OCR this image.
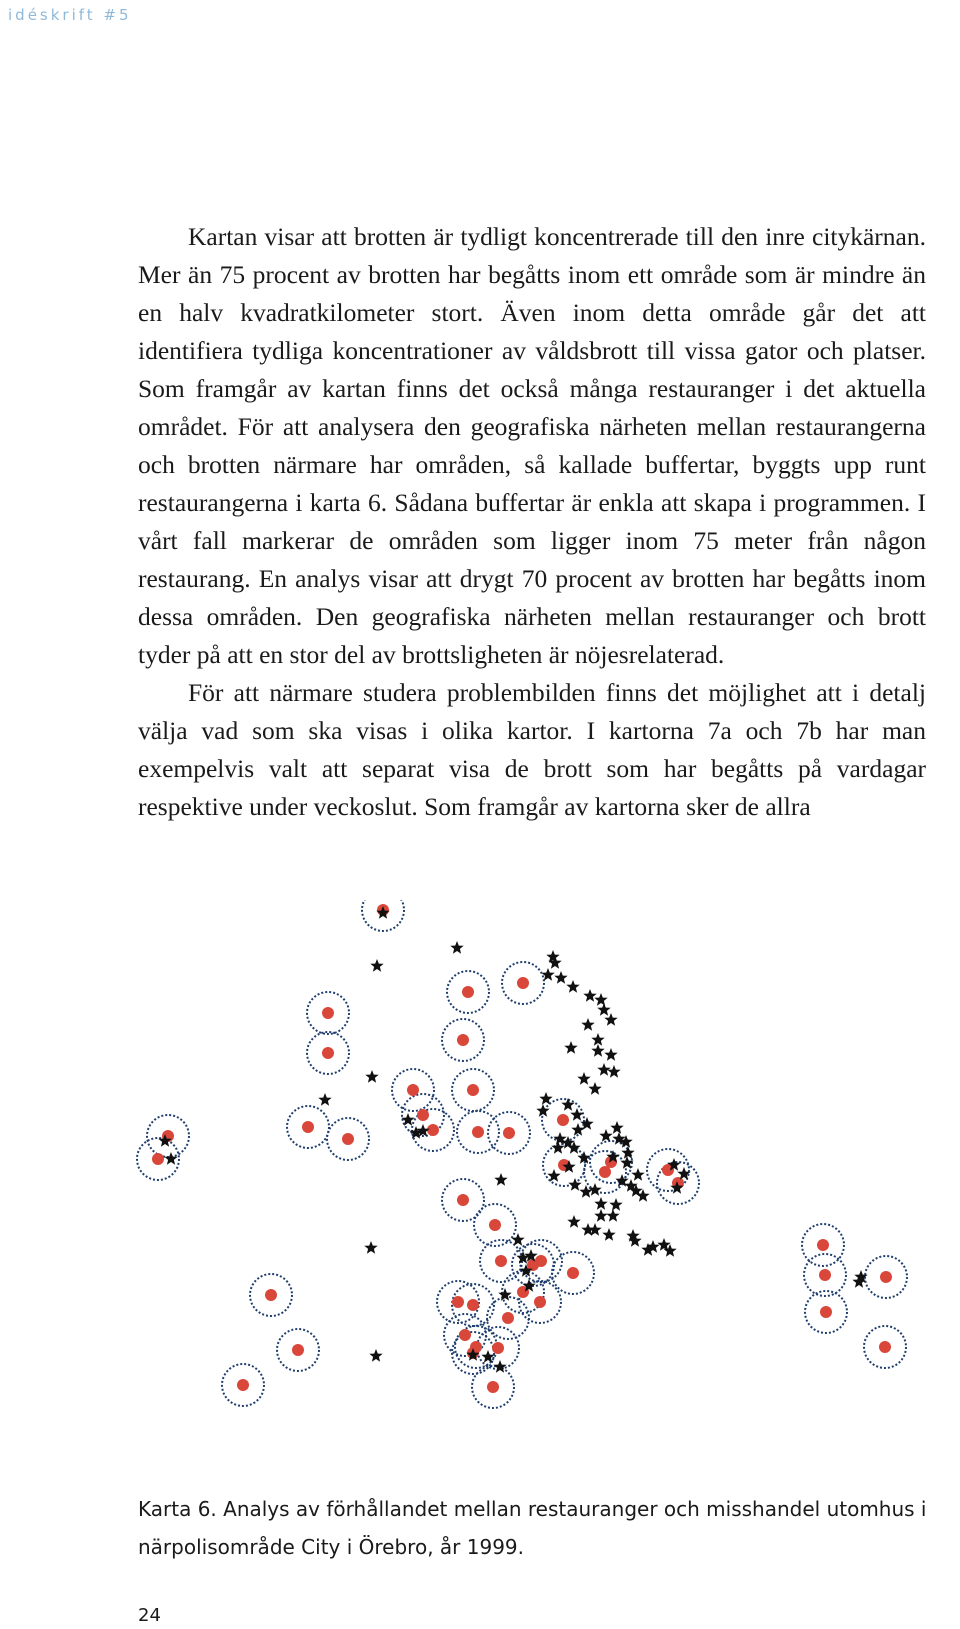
idéskrift #5

Kartan visar att brotten är tydligt koncentrerade till den inre citykärnan. Mer än 75 procent av brotten har begåtts inom ett område som är mindre än en halv kvadratkilometer stort. Även inom detta område går det att identifiera tydliga koncentrationer av våldsbrott till vissa gator och platser. Som framgår av kartan finns det också många restauranger i det aktuella området. För att analysera den geografiska närheten mellan restaurangerna och brotten närmare har områden, så kallade buffertar, byggts upp runt restaurangerna i karta 6. Sådana buffertar är enkla att skapa i programmen. I vårt fall markerar de områden som ligger inom 75 meter från någon restaurang. En analys visar att drygt 70 procent av brotten har begåtts inom dessa områden. Den geografiska närheten mellan restauranger och brott tyder på att en stor del av brottsligheten är nöjesrelaterad.

För att närmare studera problembilden finns det möjlighet att i detalj välja vad som ska visas i olika kartor. I kartorna 7a och 7b har man exempelvis valt att separat visa de brott som har begåtts på vardagar respektive under veckoslut. Som framgår av kartorna sker de allra

Karta 6. Analys av förhållandet mellan restauranger och misshandel utomhus i närpolisområde City i Örebro, år 1999.
24
